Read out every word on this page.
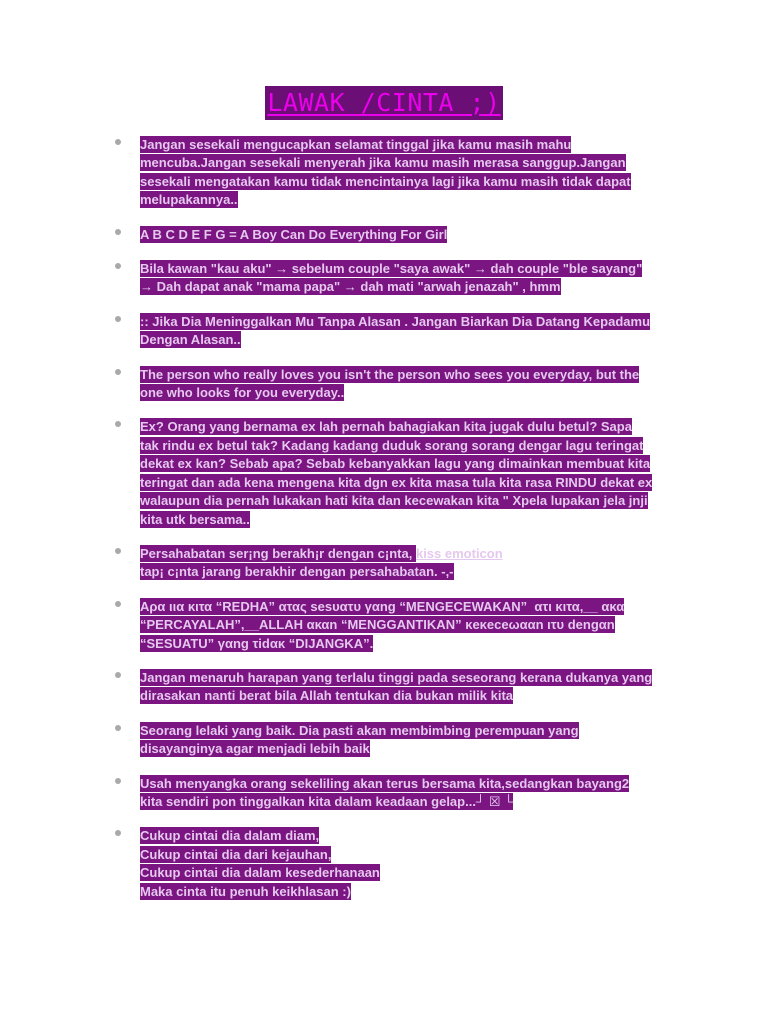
LAWAK /CINTA ;)
Jangan sesekali mengucapkan selamat tinggal jika kamu masih mahu
mencuba.Jangan sesekali menyerah jika kamu masih merasa sanggup.Jangan
sesekali mengatakan kamu tidak mencintainya lagi jika kamu masih tidak dapat
melupakannya..
A B C D E F G = A Boy Can Do Everything For Girl
Bila kawan "kau aku" → sebelum couple "saya awak" → dah couple "ble sayang"
→ Dah dapat anak "mama papa" → dah mati "arwah jenazah" , hmm
:: Jika Dia Meninggalkan Mu Tanpa Alasan . Jangan Biarkan Dia Datang Kepadamu
Dengan Alasan..
The person who really loves you isn't the person who sees you everyday, but the
one who looks for you everyday..
Ex? Orang yang bernama ex lah pernah bahagiakan kita jugak dulu betul? Sapa
tak rindu ex betul tak? Kadang kadang duduk sorang sorang dengar lagu teringat
dekat ex kan? Sebab apa? Sebab kebanyakkan lagu yang dimainkan membuat kita
teringat dan ada kena mengena kita dgn ex kita masa tula kita rasa RINDU dekat ex
walaupun dia pernah lukakan hati kita dan kecewakan kita " Xpela lupakan jela jnji
kita utk bersama..
Persahabatan ser¡ng berakh¡r dengan c¡nta, kiss emoticon
tap¡ c¡nta jarang berakhir dengan persahabatan. -,-
Αρα ιια κιτα “REDHA” ατας sesυατυ γαng “MENGECEWAKAN”  ατι κιτα,__ ακα
“PERCAYALAH”,__ALLAH ακαn “MENGGANTIKAN” κeκeceωααn ιτυ dengαn
“SESUATU” γαng τidακ “DIJANGKA”.
Jangan menaruh harapan yang terlalu tinggi pada seseorang kerana dukanya yang
dirasakan nanti berat bila Allah tentukan dia bukan milik kita
Seorang lelaki yang baik. Dia pasti akan membimbing perempuan yang
disayanginya agar menjadi lebih baik
Usah menyangka orang sekeliling akan terus bersama kita,sedangkan bayang2
kita sendiri pon tinggalkan kita dalam keadaan gelap...┘ ☒ └
Cukup cintai dia dalam diam,
Cukup cintai dia dari kejauhan,
Cukup cintai dia dalam kesederhanaan
Maka cinta itu penuh keikhlasan :)
